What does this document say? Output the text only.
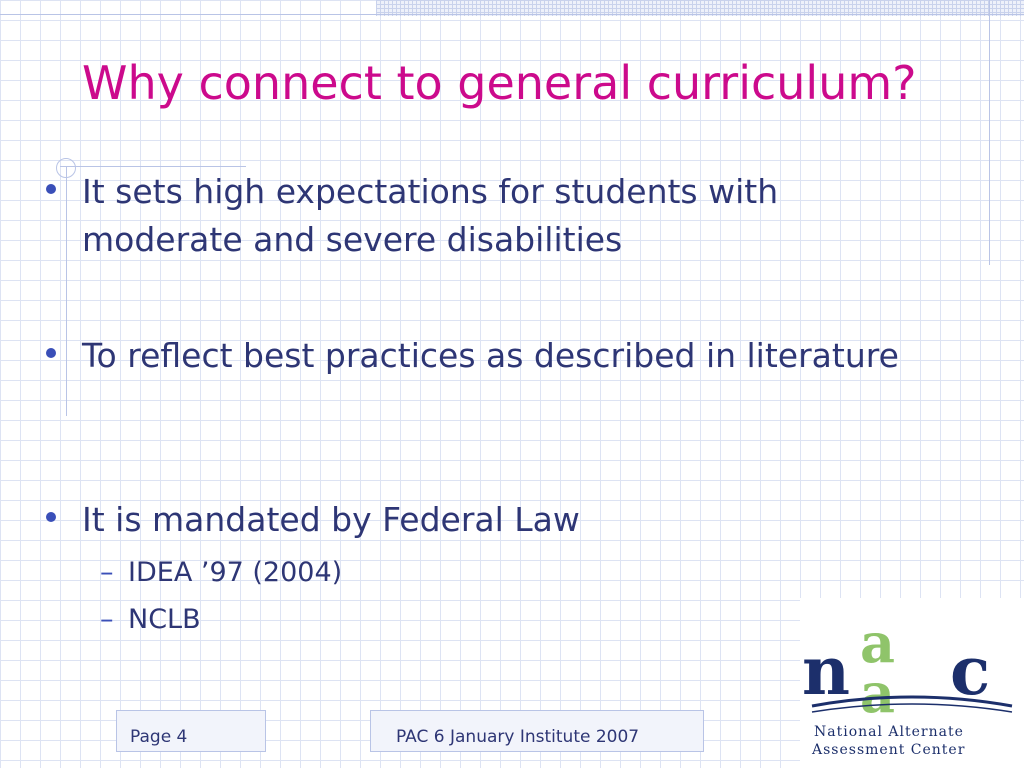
Why connect to general curriculum?
It sets high expectations for students with moderate and severe disabilities
To reflect best practices as described in literature
It is mandated by Federal Law
– IDEA ’97 (2004)
– NCLB
Page 4	PAC 6 January Institute 2007
n a
a c
National Alternate
Assessment Center
